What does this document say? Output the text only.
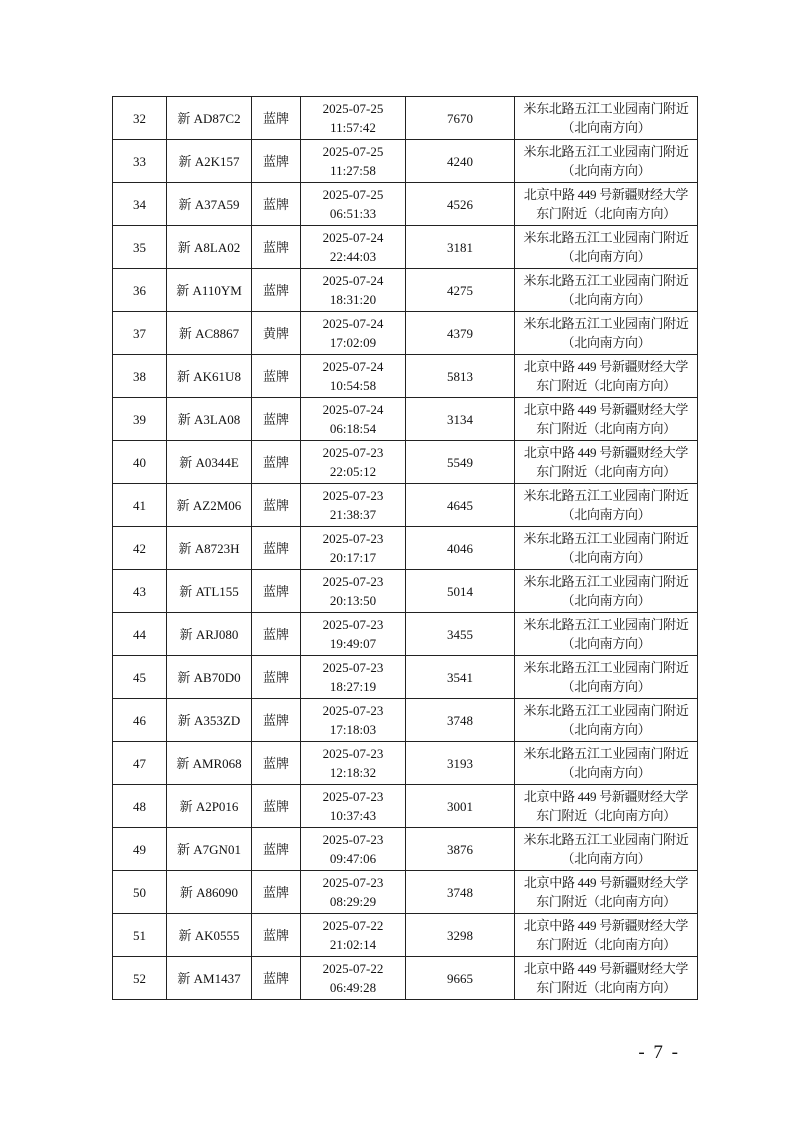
32	新 AD87C2	蓝牌	2025-07-25
11:57:42	7670	米东北路五江工业园南门附近
（北向南方向）

33	新 A2K157	蓝牌	2025-07-25
11:27:58	4240	米东北路五江工业园南门附近
（北向南方向）

34	新 A37A59	蓝牌	2025-07-25
06:51:33	4526	北京中路 449 号新疆财经大学
东门附近（北向南方向）

35	新 A8LA02	蓝牌	2025-07-24
22:44:03	3181	米东北路五江工业园南门附近
（北向南方向）

36	新 A110YM	蓝牌	2025-07-24
18:31:20	4275	米东北路五江工业园南门附近
（北向南方向）

37	新 AC8867	黄牌	2025-07-24
17:02:09	4379	米东北路五江工业园南门附近
（北向南方向）

38	新 AK61U8	蓝牌	2025-07-24
10:54:58	5813	北京中路 449 号新疆财经大学
东门附近（北向南方向）

39	新 A3LA08	蓝牌	2025-07-24
06:18:54	3134	北京中路 449 号新疆财经大学
东门附近（北向南方向）

40	新 A0344E	蓝牌	2025-07-23
22:05:12	5549	北京中路 449 号新疆财经大学
东门附近（北向南方向）

41	新 AZ2M06	蓝牌	2025-07-23
21:38:37	4645	米东北路五江工业园南门附近
（北向南方向）

42	新 A8723H	蓝牌	2025-07-23
20:17:17	4046	米东北路五江工业园南门附近
（北向南方向）

43	新 ATL155	蓝牌	2025-07-23
20:13:50	5014	米东北路五江工业园南门附近
（北向南方向）

44	新 ARJ080	蓝牌	2025-07-23
19:49:07	3455	米东北路五江工业园南门附近
（北向南方向）

45	新 AB70D0	蓝牌	2025-07-23
18:27:19	3541	米东北路五江工业园南门附近
（北向南方向）

46	新 A353ZD	蓝牌	2025-07-23
17:18:03	3748	米东北路五江工业园南门附近
（北向南方向）

47	新 AMR068	蓝牌	2025-07-23
12:18:32	3193	米东北路五江工业园南门附近
（北向南方向）

48	新 A2P016	蓝牌	2025-07-23
10:37:43	3001	北京中路 449 号新疆财经大学
东门附近（北向南方向）

49	新 A7GN01	蓝牌	2025-07-23
09:47:06	3876	米东北路五江工业园南门附近
（北向南方向）

50	新 A86090	蓝牌	2025-07-23
08:29:29	3748	北京中路 449 号新疆财经大学
东门附近（北向南方向）

51	新 AK0555	蓝牌	2025-07-22
21:02:14	3298	北京中路 449 号新疆财经大学
东门附近（北向南方向）

52	新 AM1437	蓝牌	2025-07-22
06:49:28	9665	北京中路 449 号新疆财经大学
东门附近（北向南方向）
- 7 -
